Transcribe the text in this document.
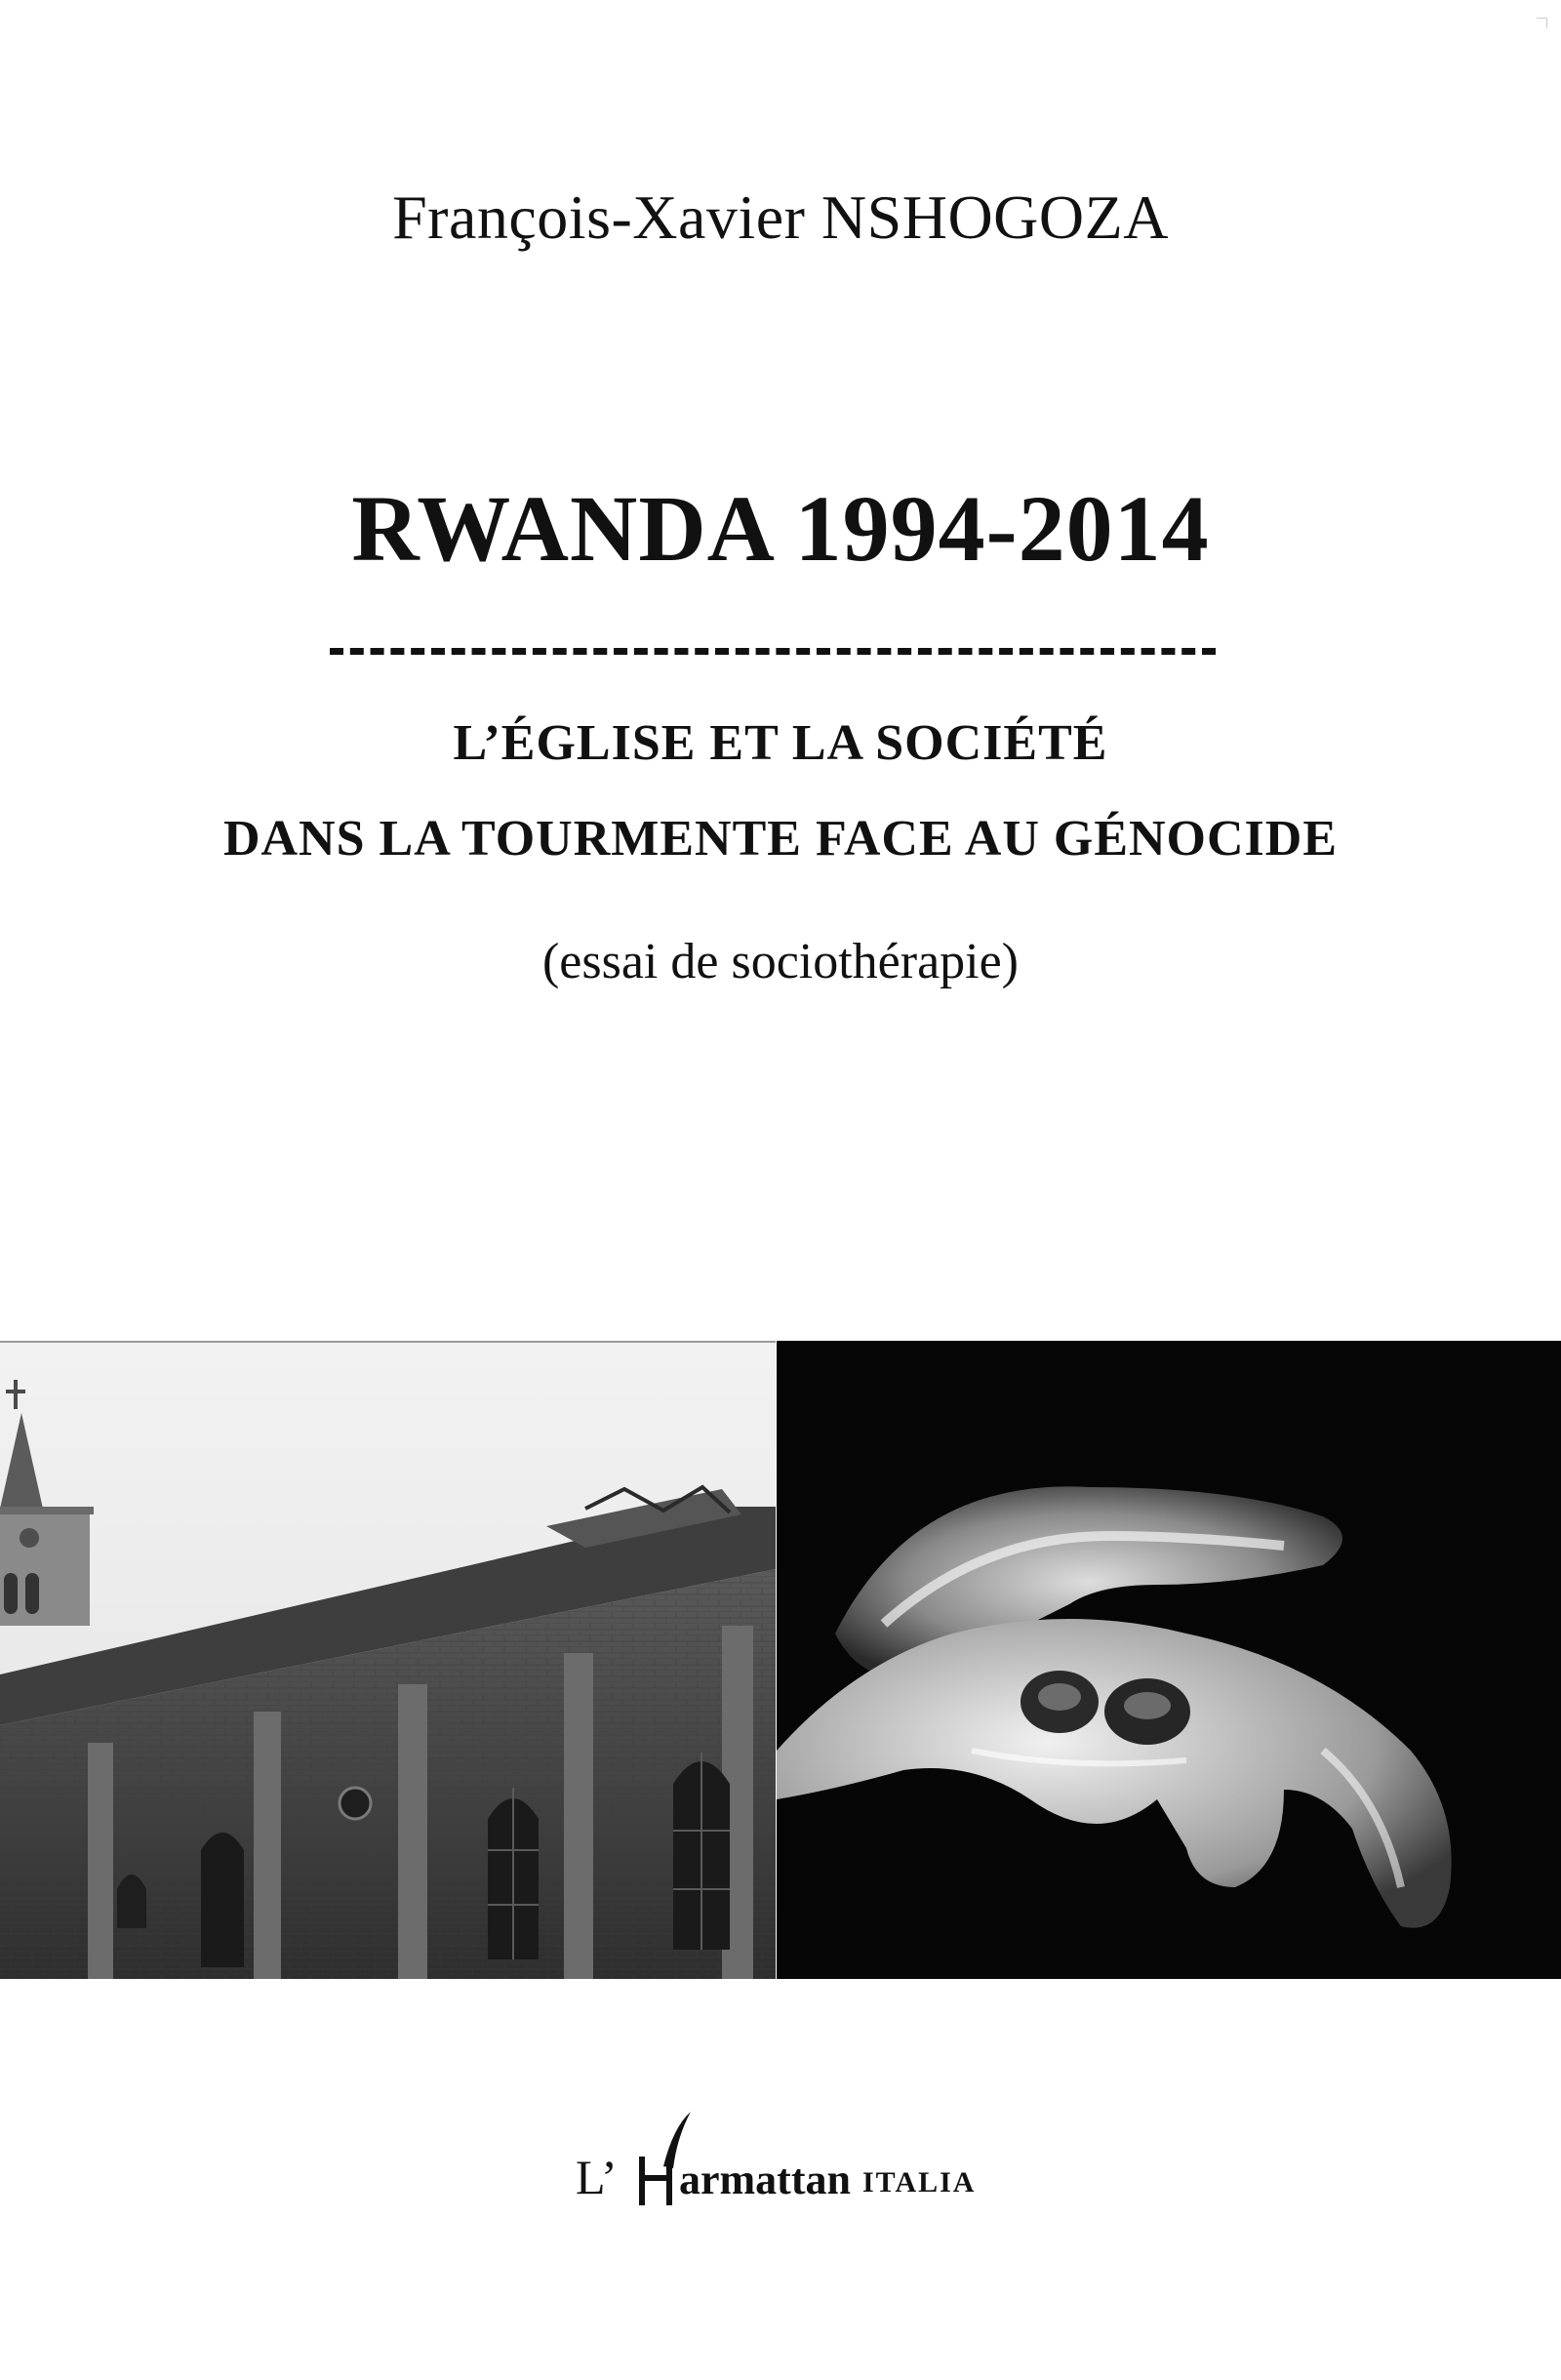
François-Xavier NSHOGOZA
RWANDA 1994-2014
L’ÉGLISE ET LA SOCIÉTÉ
DANS LA TOURMENTE FACE AU GÉNOCIDE
(essai de sociothérapie)
L’ armattan ITALIA
